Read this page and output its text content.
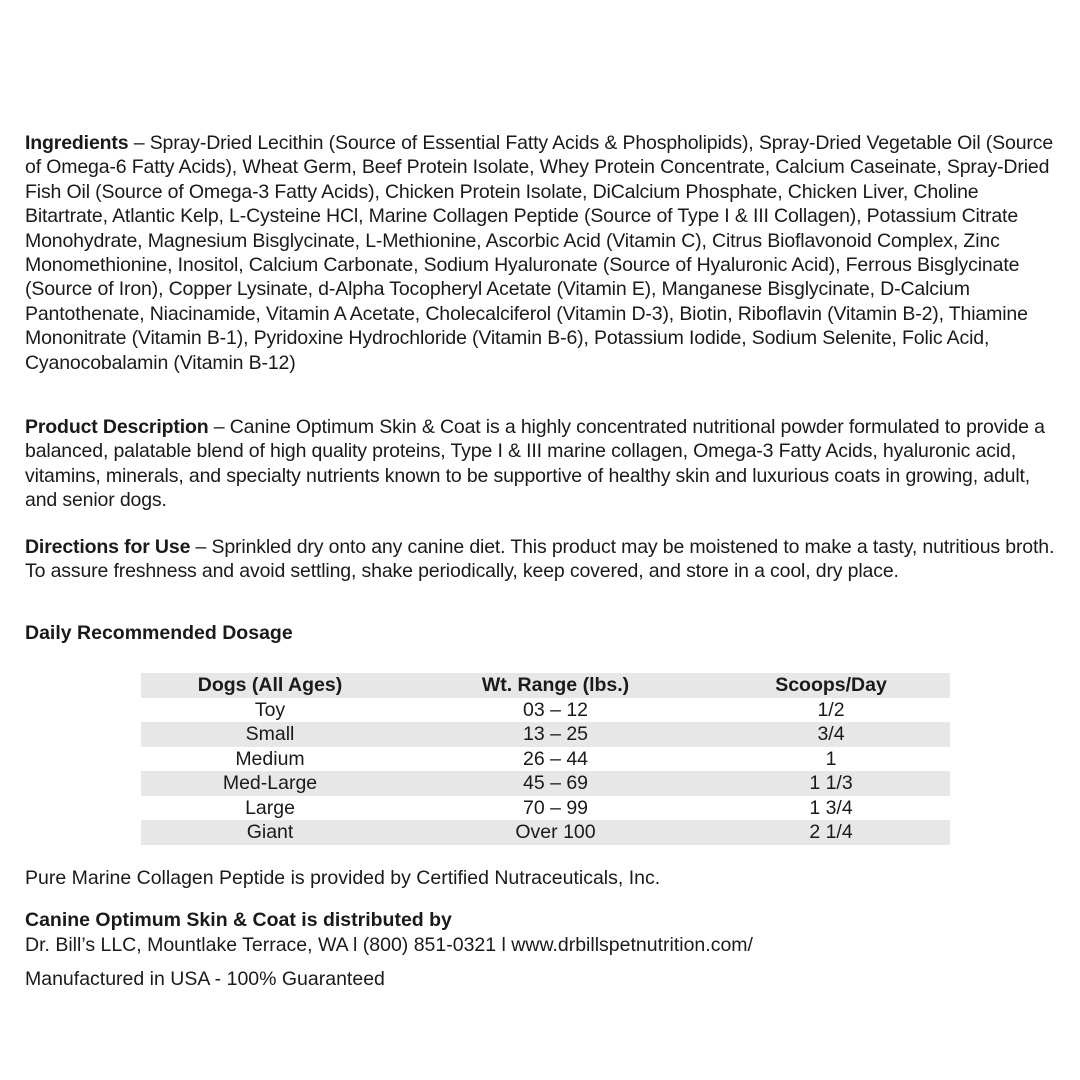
Ingredients – Spray-Dried Lecithin (Source of Essential Fatty Acids & Phospholipids), Spray-Dried Vegetable Oil (Source of Omega-6 Fatty Acids), Wheat Germ, Beef Protein Isolate, Whey Protein Concentrate, Calcium Caseinate, Spray-Dried Fish Oil (Source of Omega-3 Fatty Acids), Chicken Protein Isolate, DiCalcium Phosphate, Chicken Liver, Choline Bitartrate, Atlantic Kelp, L-Cysteine HCl, Marine Collagen Peptide (Source of Type I & III Collagen), Potassium Citrate Monohydrate, Magnesium Bisglycinate, L-Methionine, Ascorbic Acid (Vitamin C), Citrus Bioflavonoid Complex, Zinc Monomethionine, Inositol, Calcium Carbonate, Sodium Hyaluronate (Source of Hyaluronic Acid), Ferrous Bisglycinate (Source of Iron), Copper Lysinate, d-Alpha Tocopheryl Acetate (Vitamin E), Manganese Bisglycinate, D-Calcium Pantothenate, Niacinamide, Vitamin A Acetate, Cholecalciferol (Vitamin D-3), Biotin, Riboflavin (Vitamin B-2), Thiamine Mononitrate (Vitamin B-1), Pyridoxine Hydrochloride (Vitamin B-6), Potassium Iodide, Sodium Selenite, Folic Acid, Cyanocobalamin (Vitamin B-12)
Product Description – Canine Optimum Skin & Coat is a highly concentrated nutritional powder formulated to provide a balanced, palatable blend of high quality proteins, Type I & III marine collagen, Omega-3 Fatty Acids, hyaluronic acid, vitamins, minerals, and specialty nutrients known to be supportive of healthy skin and luxurious coats in growing, adult, and senior dogs.
Directions for Use – Sprinkled dry onto any canine diet. This product may be moistened to make a tasty, nutritious broth. To assure freshness and avoid settling, shake periodically, keep covered, and store in a cool, dry place.
Daily Recommended Dosage
Dogs (All Ages)	Wt. Range (lbs.)	Scoops/Day
Toy	03 – 12	1/2
Small	13 – 25	3/4
Medium	26 – 44	1
Med-Large	45 – 69	1 1/3
Large	70 – 99	1 3/4
Giant	Over 100	2 1/4
Pure Marine Collagen Peptide is provided by Certified Nutraceuticals, Inc.
Canine Optimum Skin & Coat is distributed by
Dr. Bill’s LLC, Mountlake Terrace, WA l (800) 851-0321 l www.drbillspetnutrition.com/
Manufactured in USA - 100% Guaranteed
